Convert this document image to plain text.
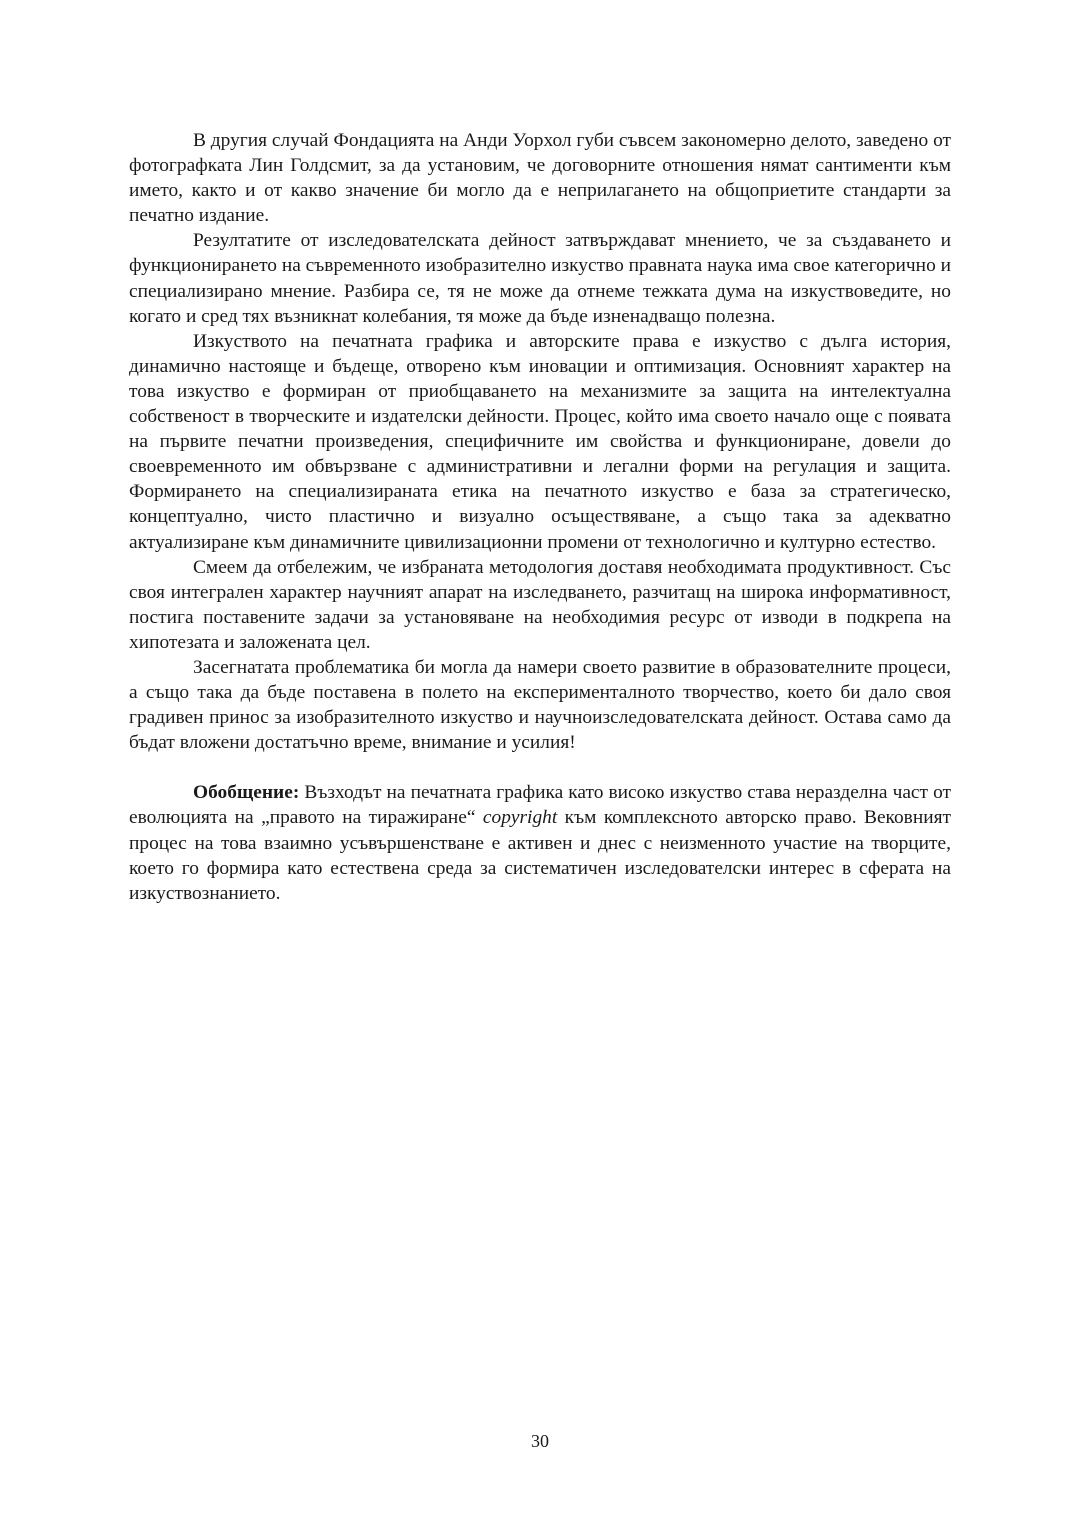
В другия случай Фондацията на Анди Уорхол губи съвсем закономерно делото, заведено от фотографката Лин Голдсмит, за да установим, че договорните отношения нямат сантименти към името, както и от какво значение би могло да е неприлагането на общоприетите стандарти за печатно издание.

Резултатите от изследователската дейност затвърждават мнението, че за създаването и функционирането на съвременното изобразително изкуство правната наука има свое категорично и специализирано мнение. Разбира се, тя не може да отнеме тежката дума на изкуствоведите, но когато и сред тях възникнат колебания, тя може да бъде изненадващо полезна.

Изкуството на печатната графика и авторските права е изкуство с дълга история, динамично настояще и бъдеще, отворено към иновации и оптимизация. Основният характер на това изкуство е формиран от приобщаването на механизмите за защита на интелектуална собственост в творческите и издателски дейности. Процес, който има своето начало още с появата на първите печатни произведения, специфичните им свойства и функциониране, довели до своевременното им обвързване с административни и легални форми на регулация и защита. Формирането на специализираната етика на печатното изкуство е база за стратегическо, концептуално, чисто пластично и визуално осъществяване, а също така за адекватно актуализиране към динамичните цивилизационни промени от технологично и културно естество.

Смеем да отбележим, че избраната методология доставя необходимата продуктивност. Със своя интегрален характер научният апарат на изследването, разчитащ на широка информативност, постига поставените задачи за установяване на необходимия ресурс от изводи в подкрепа на хипотезата и заложената цел.

Засегнатата проблематика би могла да намери своето развитие в образователните процеси, а също така да бъде поставена в полето на експерименталното творчество, което би дало своя градивен принос за изобразителното изкуство и научноизследователската дейност. Остава само да бъдат вложени достатъчно време, внимание и усилия!

Обобщение: Възходът на печатната графика като високо изкуство става неразделна част от еволюцията на „правото на тиражиране“ copyright към комплексното авторско право. Вековният процес на това взаимно усъвършенстване е активен и днес с неизменното участие на творците, което го формира като естествена среда за систематичен изследователски интерес в сферата на изкуствознанието.

30
